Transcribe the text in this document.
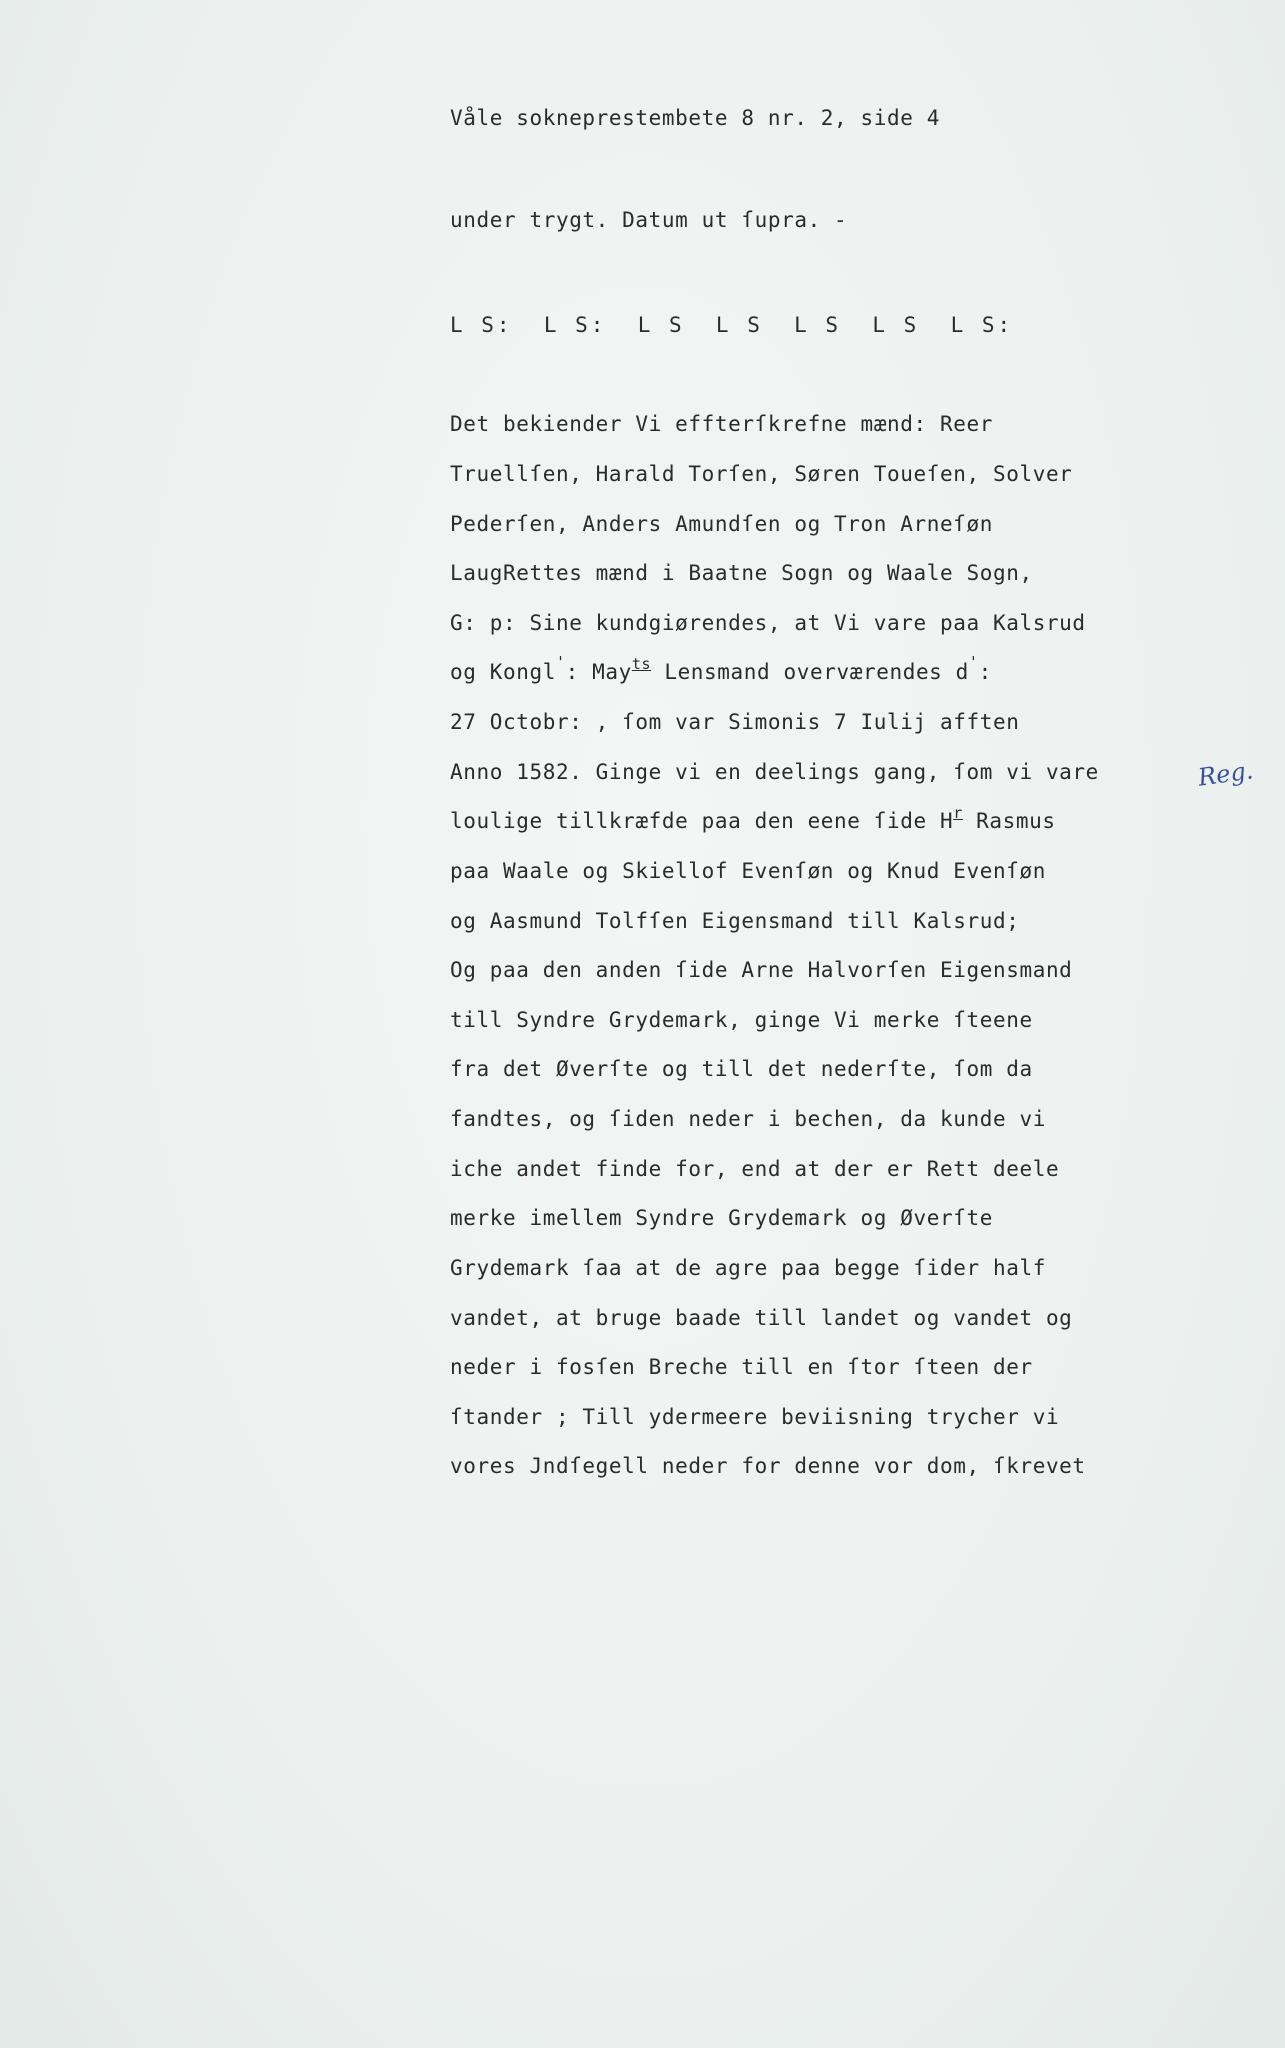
Våle sokneprestembete 8 nr. 2, side 4
under trygt. Datum ut ſupra. -
L S:  L S:  L S  L S  L S  L S  L S:
Det bekiender Vi effterſkrefne mænd: Reer
Truellſen, Harald Torſen, Søren Toueſen, Solver
Pederſen, Anders Amundſen og Tron Arneſøn
LaugRettes mænd i Baatne Sogn og Waale Sogn,
G: p: Sine kundgiørendes, at Vi vare paa Kalsrud
og Kongl': May$^{ts}$ Lensmand overværendes d':
27 Octobr: , ſom var Simonis 7 Iulij afften
Anno 1582. Ginge vi en deelings gang, ſom vi vare
loulige tillkræfde paa den eene ſide $H^r$ Rasmus
paa Waale og Skiellof Evenſøn og Knud Evenſøn
og Aasmund Tolfſen Eigensmand till Kalsrud;
Og paa den anden ſide Arne Halvorſen Eigensmand
till Syndre Grydemark, ginge Vi merke ſteene
fra det Øverſte og till det nederſte, ſom da
fandtes, og ſiden neder i bechen, da kunde vi
iche andet finde for, end at der er Rett deele
merke imellem Syndre Grydemark og Øverſte
Grydemark ſaa at de agre paa begge ſider half
vandet, at bruge baade till landet og vandet og
neder i fosſen Breche till en ſtor ſteen der
ſtander ; Till ydermeere beviisning trycher vi
vores Jndſegell neder for denne vor dom, ſkrevet
Reg.
